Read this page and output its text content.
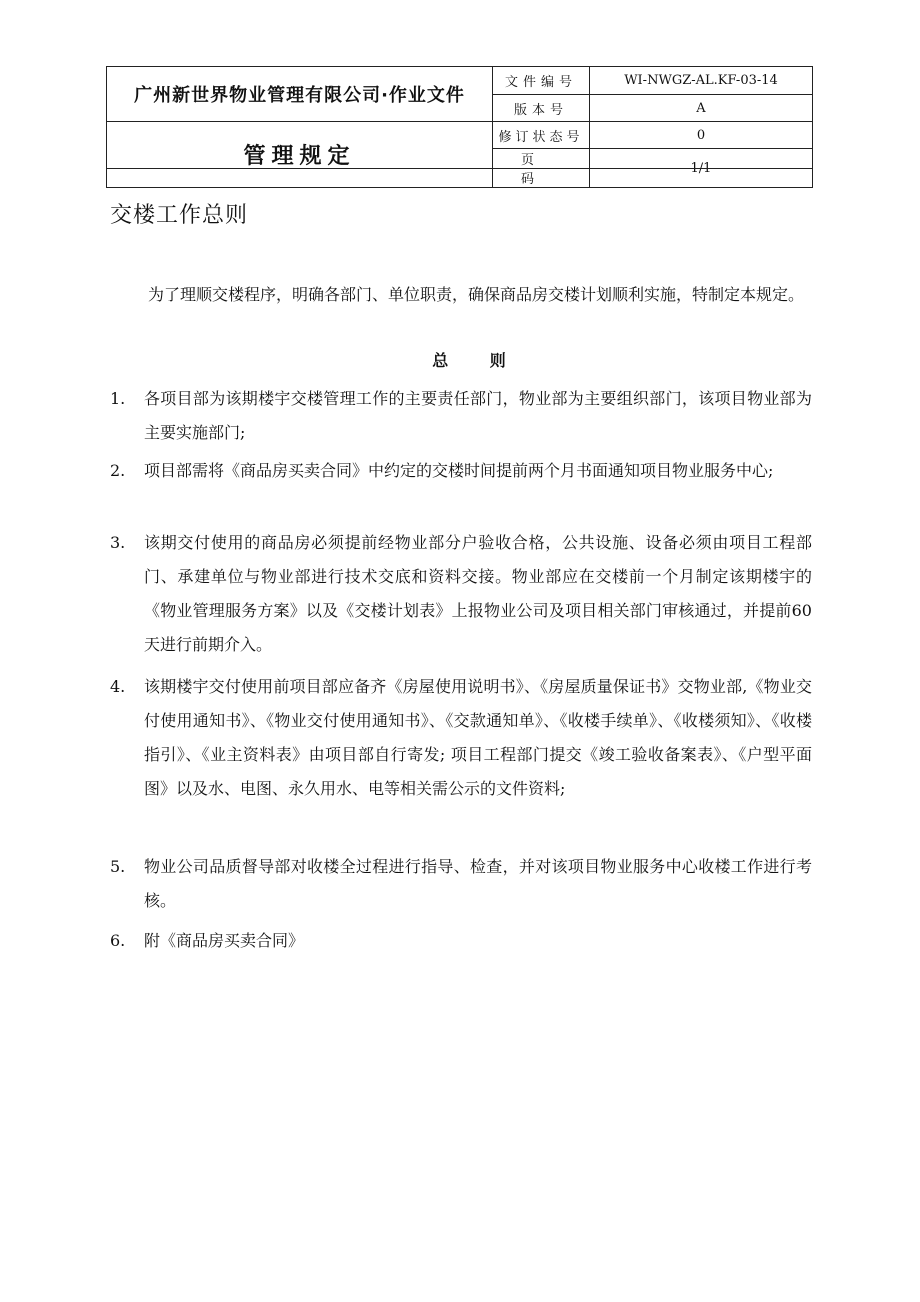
广州新世界物业管理有限公司·作业文件	文件编号	WI-NWGZ-AL.KF-03-14
	版本号	A
管理规定	修订状态号	0
	页码	1/1
交楼工作总则
为了理顺交楼程序，明确各部门、单位职责，确保商品房交楼计划顺利实施，特制定本规定。
总 则
1.	各项目部为该期楼宇交楼管理工作的主要责任部门，物业部为主要组织部门，该项目物业部为主要实施部门;
2.	项目部需将《商品房买卖合同》中约定的交楼时间提前两个月书面通知项目物业服务中心;
3.	该期交付使用的商品房必须提前经物业部分户验收合格，公共设施、设备必须由项目工程部门、承建单位与物业部进行技术交底和资料交接。物业部应在交楼前一个月制定该期楼宇的《物业管理服务方案》以及《交楼计划表》上报物业公司及项目相关部门审核通过，并提前60天进行前期介入。
4.	该期楼宇交付使用前项目部应备齐《房屋使用说明书》、《房屋质量保证书》交物业部,《物业交付使用通知书》、《物业交付使用通知书》、《交款通知单》、《收楼手续单》、《收楼须知》、《收楼指引》、《业主资料表》由项目部自行寄发; 项目工程部门提交《竣工验收备案表》、《户型平面图》以及水、电图、永久用水、电等相关需公示的文件资料;
5.	物业公司品质督导部对收楼全过程进行指导、检查，并对该项目物业服务中心收楼工作进行考核。
6.	附《商品房买卖合同》
